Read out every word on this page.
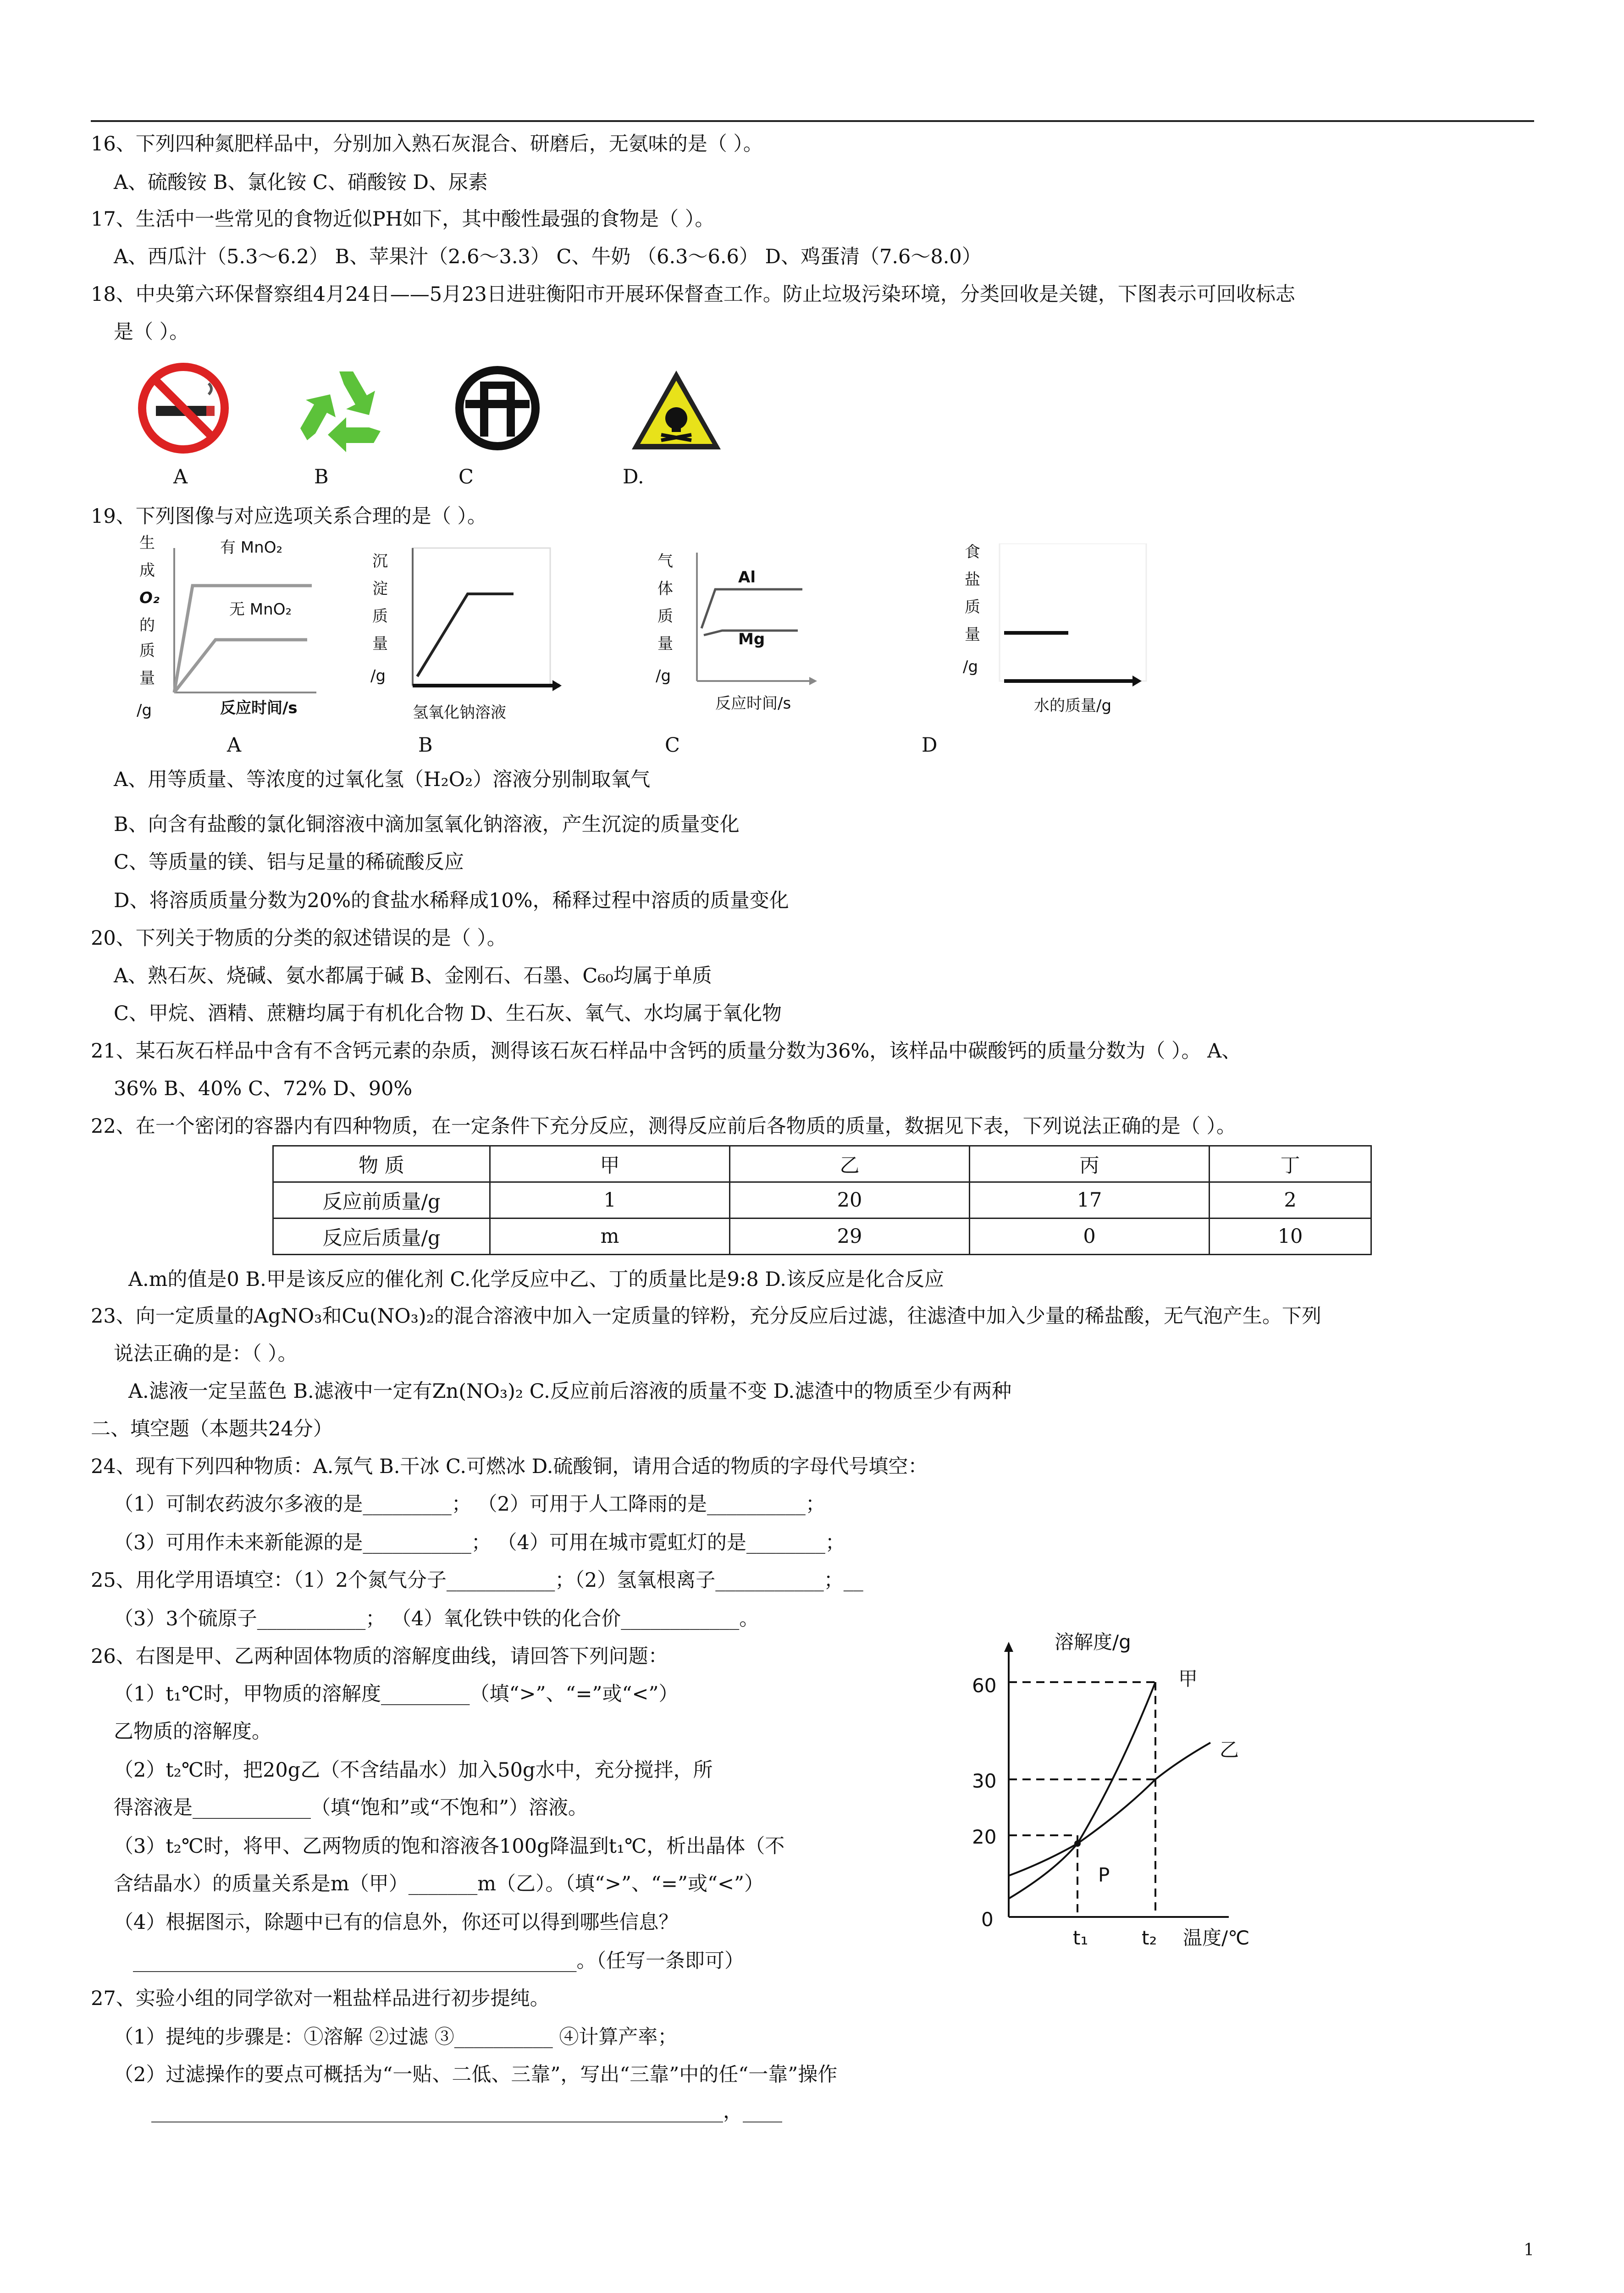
16、下列四种氮肥样品中，分别加入熟石灰混合、研磨后，无氨味的是（ ）。
A、硫酸铵 B、氯化铵 C、硝酸铵 D、尿素
17、生活中一些常见的食物近似PH如下，其中酸性最强的食物是（ ）。
A、西瓜汁（5.3～6.2） B、苹果汁（2.6～3.3） C、牛奶 （6.3～6.6） D、鸡蛋清（7.6～8.0）
18、中央第六环保督察组4月24日——5月23日进驻衡阳市开展环保督查工作。防止垃圾污染环境，分类回收是关键，下图表示可回收标志
是（ ）。
A	B	C	D.
19、下列图像与对应选项关系合理的是（ ）。
生
成
O₂
的
质
量
/g
有 MnO₂
无 MnO₂
反应时间/s
沉
淀
质
量
/g
氢氧化钠溶液
气
体
质
量
/g
Al
Mg
反应时间/s
食
盐
质
量
/g
水的质量/g
A	B	C	D
A、用等质量、等浓度的过氧化氢（H₂O₂）溶液分别制取氧气
B、向含有盐酸的氯化铜溶液中滴加氢氧化钠溶液，产生沉淀的质量变化
C、等质量的镁、铝与足量的稀硫酸反应
D、将溶质质量分数为20%的食盐水稀释成10%，稀释过程中溶质的质量变化
20、下列关于物质的分类的叙述错误的是（ ）。
A、熟石灰、烧碱、氨水都属于碱 B、金刚石、石墨、C₆₀均属于单质
C、甲烷、酒精、蔗糖均属于有机化合物 D、生石灰、氧气、水均属于氧化物
21、某石灰石样品中含有不含钙元素的杂质，测得该石灰石样品中含钙的质量分数为36%，该样品中碳酸钙的质量分数为（ ）。 A、
36% B、40% C、72% D、90%
22、在一个密闭的容器内有四种物质，在一定条件下充分反应，测得反应前后各物质的质量，数据见下表，下列说法正确的是（ ）。
物 质	甲	乙	丙	丁
反应前质量/g	1	20	17	2
反应后质量/g	m	29	0	10
A.m的值是0 B.甲是该反应的催化剂 C.化学反应中乙、丁的质量比是9:8 D.该反应是化合反应
23、向一定质量的AgNO₃和Cu(NO₃)₂的混合溶液中加入一定质量的锌粉，充分反应后过滤，往滤渣中加入少量的稀盐酸，无气泡产生。下列
说法正确的是：（ ）。
A.滤液一定呈蓝色 B.滤液中一定有Zn(NO₃)₂ C.反应前后溶液的质量不变 D.滤渣中的物质至少有两种
二、填空题（本题共24分）
24、现有下列四种物质：A.氖气 B.干冰 C.可燃冰 D.硫酸铜，请用合适的物质的字母代号填空：
（1）可制农药波尔多液的是_________； （2）可用于人工降雨的是__________；
（3）可用作未来新能源的是___________； （4）可用在城市霓虹灯的是________；
25、用化学用语填空：（1）2个氮气分子___________；（2）氢氧根离子___________；__
（3）3个硫原子___________； （4）氧化铁中铁的化合价____________。
26、右图是甲、乙两种固体物质的溶解度曲线，请回答下列问题：
（1）t₁℃时，甲物质的溶解度_________（填“>”、“=”或“<”）
乙物质的溶解度。
（2）t₂℃时，把20g乙（不含结晶水）加入50g水中，充分搅拌，所
得溶液是____________（填“饱和”或“不饱和”）溶液。
（3）t₂℃时，将甲、乙两物质的饱和溶液各100g降温到t₁℃，析出晶体（不
含结晶水）的质量关系是m（甲）_______m（乙）。（填“>”、“=”或“<”）
（4）根据图示，除题中已有的信息外，你还可以得到哪些信息？
_____________________________________________。（任写一条即可）
溶解度/g
60
30
20
0
t₁	t₂ 温度/℃
甲
乙
P
27、实验小组的同学欲对一粗盐样品进行初步提纯。
（1）提纯的步骤是：①溶解 ②过滤 ③__________ ④计算产率；
（2）过滤操作的要点可概括为“一贴、二低、三靠”，写出“三靠”中的任“一靠”操作
__________________________________________________________，____
1
